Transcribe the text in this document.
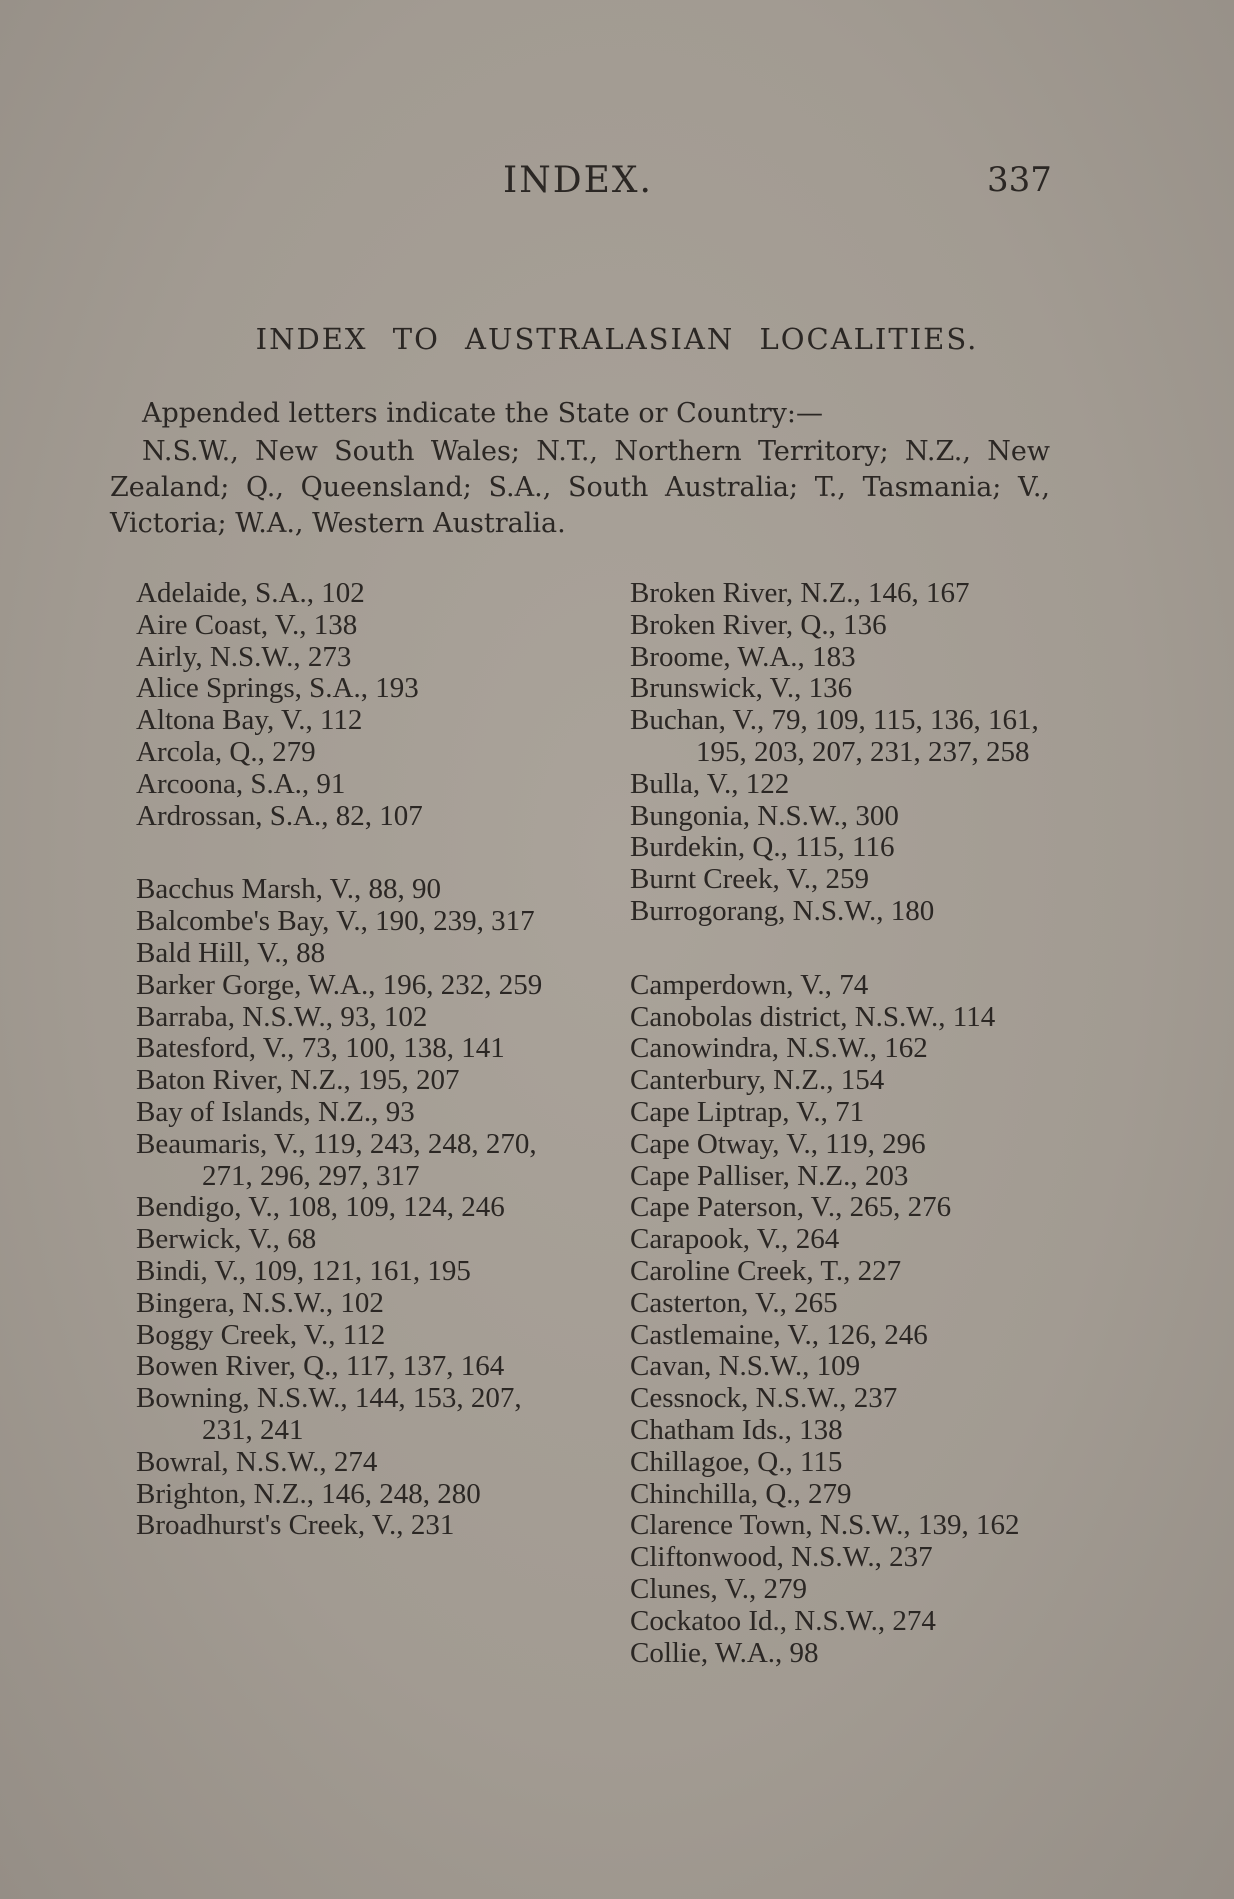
INDEX.	337
INDEX TO AUSTRALASIAN LOCALITIES.

Appended letters indicate the State or Country:—

N.S.W., New South Wales; N.T., Northern Territory; N.Z., New Zealand; Q., Queensland; S.A., South Australia; T., Tasmania; V., Victoria; W.A., Western Australia.

Adelaide, S.A., 102
Aire Coast, V., 138
Airly, N.S.W., 273
Alice Springs, S.A., 193
Altona Bay, V., 112
Arcola, Q., 279
Arcoona, S.A., 91
Ardrossan, S.A., 82, 107
Bacchus Marsh, V., 88, 90
Balcombe's Bay, V., 190, 239, 317
Bald Hill, V., 88
Barker Gorge, W.A., 196, 232, 259
Barraba, N.S.W., 93, 102
Batesford, V., 73, 100, 138, 141
Baton River, N.Z., 195, 207
Bay of Islands, N.Z., 93
Beaumaris, V., 119, 243, 248, 270, 271, 296, 297, 317
Bendigo, V., 108, 109, 124, 246
Berwick, V., 68
Bindi, V., 109, 121, 161, 195
Bingera, N.S.W., 102
Boggy Creek, V., 112
Bowen River, Q., 117, 137, 164
Bowning, N.S.W., 144, 153, 207, 231, 241
Bowral, N.S.W., 274
Brighton, N.Z., 146, 248, 280
Broadhurst's Creek, V., 231
Broken River, N.Z., 146, 167
Broken River, Q., 136
Broome, W.A., 183
Brunswick, V., 136
Buchan, V., 79, 109, 115, 136, 161, 195, 203, 207, 231, 237, 258
Bulla, V., 122
Bungonia, N.S.W., 300
Burdekin, Q., 115, 116
Burnt Creek, V., 259
Burrogorang, N.S.W., 180
Camperdown, V., 74
Canobolas district, N.S.W., 114
Canowindra, N.S.W., 162
Canterbury, N.Z., 154
Cape Liptrap, V., 71
Cape Otway, V., 119, 296
Cape Palliser, N.Z., 203
Cape Paterson, V., 265, 276
Carapook, V., 264
Caroline Creek, T., 227
Casterton, V., 265
Castlemaine, V., 126, 246
Cavan, N.S.W., 109
Cessnock, N.S.W., 237
Chatham Ids., 138
Chillagoe, Q., 115
Chinchilla, Q., 279
Clarence Town, N.S.W., 139, 162
Cliftonwood, N.S.W., 237
Clunes, V., 279
Cockatoo Id., N.S.W., 274
Collie, W.A., 98
